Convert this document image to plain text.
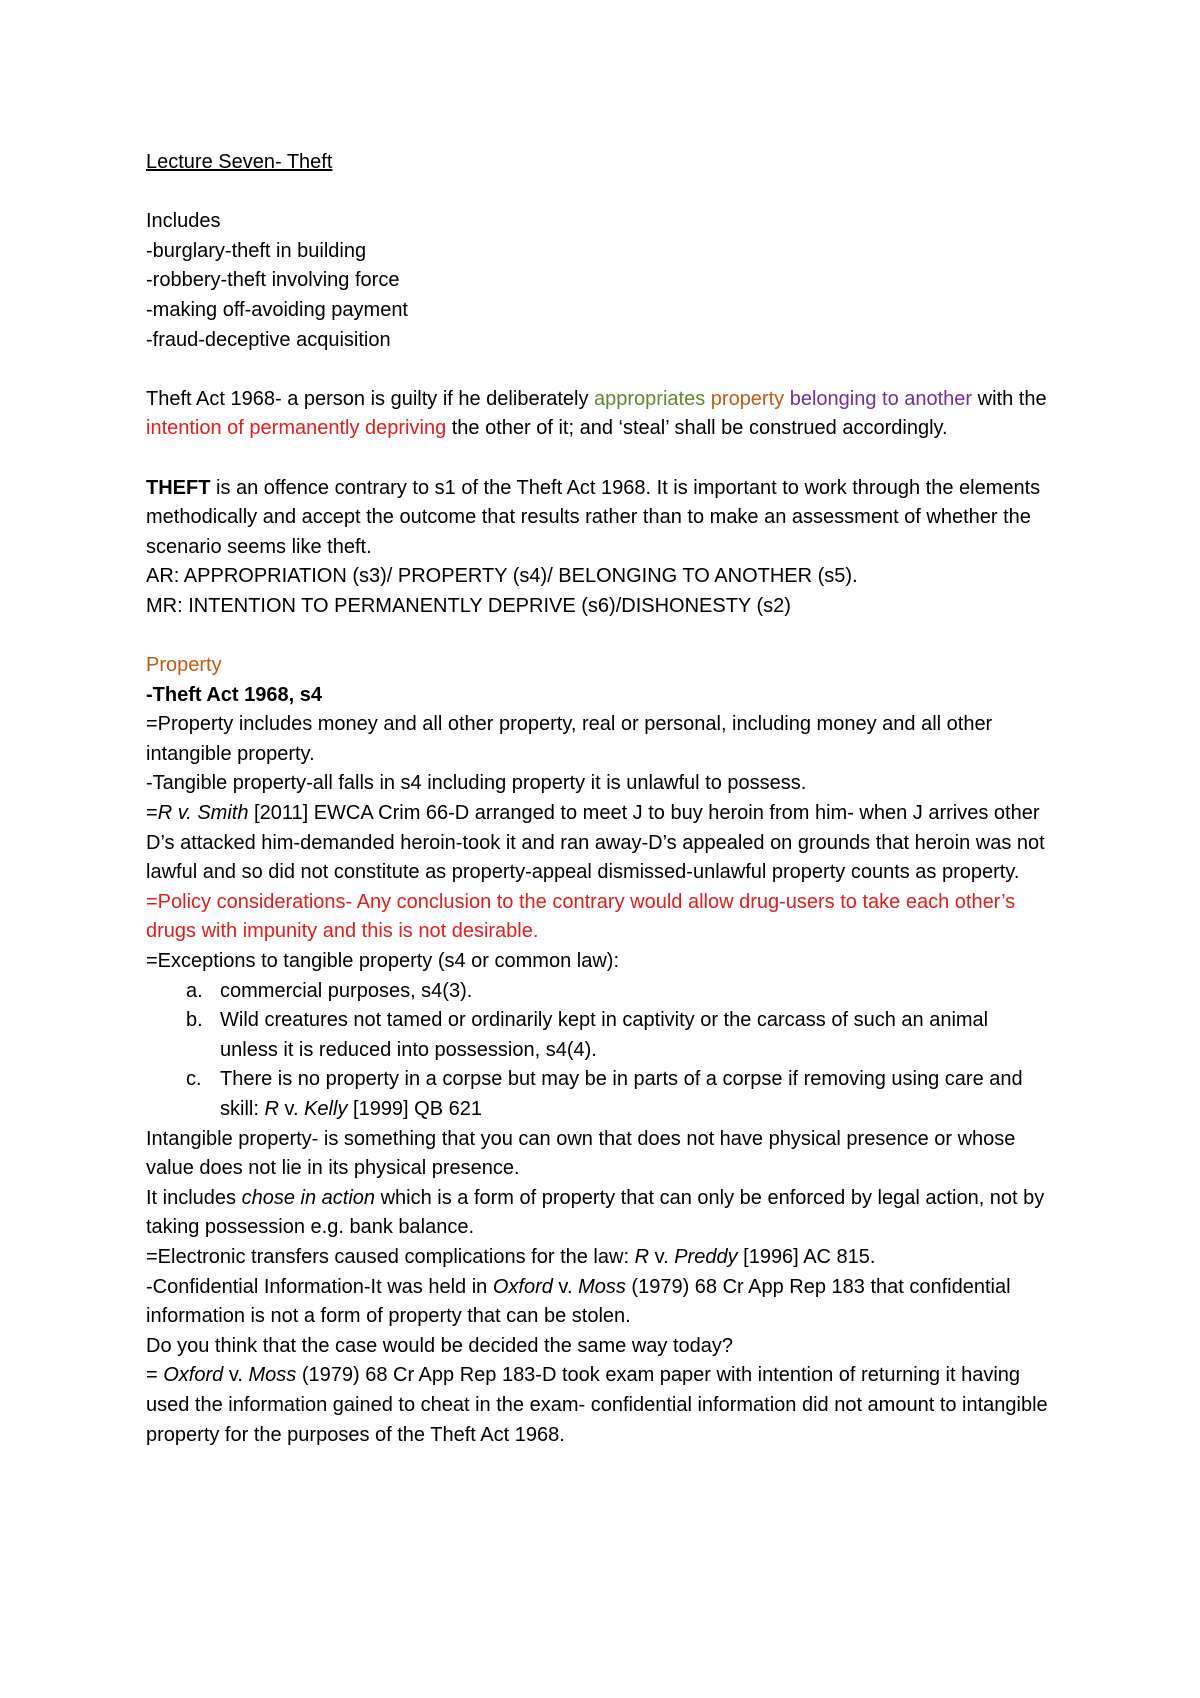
Lecture Seven- Theft
Includes
-burglary-theft in building
-robbery-theft involving force
-making off-avoiding payment
-fraud-deceptive acquisition

Theft Act 1968- a person is guilty if he deliberately appropriates property belonging to another with the intention of permanently depriving the other of it; and ‘steal’ shall be construed accordingly.

THEFT is an offence contrary to s1 of the Theft Act 1968. It is important to work through the elements methodically and accept the outcome that results rather than to make an assessment of whether the scenario seems like theft.

AR: APPROPRIATION (s3)/ PROPERTY (s4)/ BELONGING TO ANOTHER (s5).
MR: INTENTION TO PERMANENTLY DEPRIVE (s6)/DISHONESTY (s2)
Property
-Theft Act 1968, s4
=Property includes money and all other property, real or personal, including money and all other intangible property.
-Tangible property-all falls in s4 including property it is unlawful to possess.

=R v. Smith [2011] EWCA Crim 66-D arranged to meet J to buy heroin from him- when J arrives other D’s attacked him-demanded heroin-took it and ran away-D’s appealed on grounds that heroin was not lawful and so did not constitute as property-appeal dismissed-unlawful property counts as property.

=Policy considerations- Any conclusion to the contrary would allow drug-users to take each other’s drugs with impunity and this is not desirable.
=Exceptions to tangible property (s4 or common law):
a. commercial purposes, s4(3).
b. Wild creatures not tamed or ordinarily kept in captivity or the carcass of such an animal unless it is reduced into possession, s4(4).
c. There is no property in a corpse but may be in parts of a corpse if removing using care and skill: R v. Kelly [1999] QB 621
Intangible property- is something that you can own that does not have physical presence or whose value does not lie in its physical presence.

It includes chose in action which is a form of property that can only be enforced by legal action, not by taking possession e.g. bank balance.

=Electronic transfers caused complications for the law: R v. Preddy [1996] AC 815.

-Confidential Information-It was held in Oxford v. Moss (1979) 68 Cr App Rep 183 that confidential information is not a form of property that can be stolen.

Do you think that the case would be decided the same way today?

= Oxford v. Moss (1979) 68 Cr App Rep 183-D took exam paper with intention of returning it having used the information gained to cheat in the exam- confidential information did not amount to intangible property for the purposes of the Theft Act 1968.
